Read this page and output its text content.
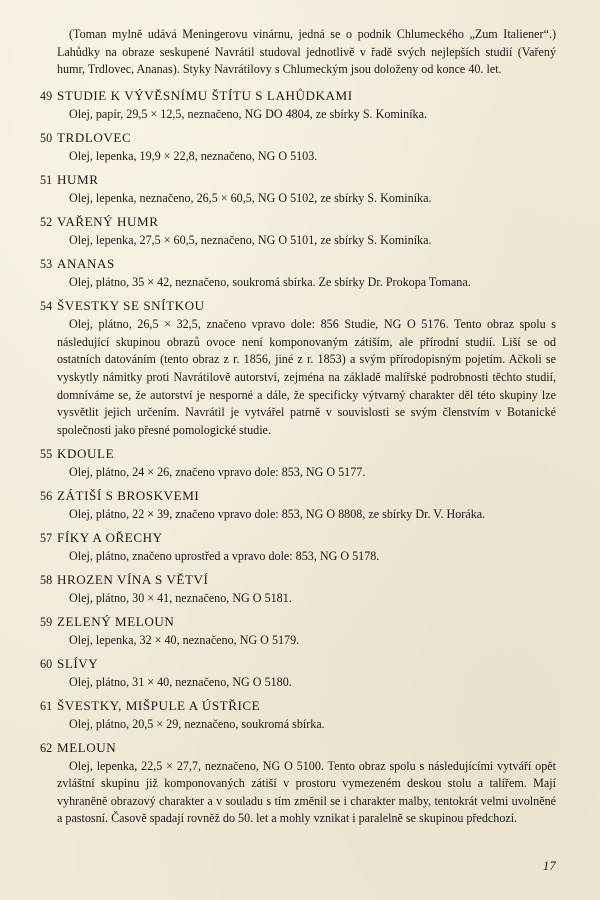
(Toman mylně udává Meningerovu vinárnu, jedná se o podnik Chlumeckého „Zum Italiener“.) Lahůdky na obraze seskupené Navrátil studoval jednotlivě v řadě svých nejlepších studií (Vařený humr, Trdlovec, Ananas). Styky Navrátilovy s Chlumeckým jsou doloženy od konce 40. let.

49 STUDIE K VÝVĚSNÍMU ŠTÍTU S LAHŮDKAMI

Olej, papír, 29,5 × 12,5, neznačeno, NG DO 4804, ze sbírky S. Kominíka.

50 TRDLOVEC

Olej, lepenka, 19,9 × 22,8, neznačeno, NG O 5103.

51 HUMR

Olej, lepenka, neznačeno, 26,5 × 60,5, NG O 5102, ze sbírky S. Kominíka.

52 VAŘENÝ HUMR

Olej, lepenka, 27,5 × 60,5, neznačeno, NG O 5101, ze sbírky S. Kominíka.

53 ANANAS

Olej, plátno, 35 × 42, neznačeno, soukromá sbírka. Ze sbírky Dr. Prokopa Tomana.

54 ŠVESTKY SE SNÍTKOU

Olej, plátno, 26,5 × 32,5, značeno vpravo dole: 856 Studie, NG O 5176. Tento obraz spolu s následující skupinou obrazů ovoce není komponovaným zátiším, ale přírodní studií. Liší se od ostatních datováním (tento obraz z r. 1856, jiné z r. 1853) a svým přírodopisným pojetím. Ačkoli se vyskytly námitky proti Navrátilově autorství, zejména na základě malířské podrobnosti těchto studií, domníváme se, že autorství je nesporné a dále, že specificky výtvarný charakter děl této skupiny lze vysvětlit jejich určením. Navrátil je vytvářel patrně v souvislosti se svým členstvím v Botanické společnosti jako přesné pomologické studie.

55 KDOULE

Olej, plátno, 24 × 26, značeno vpravo dole: 853, NG O 5177.

56 ZÁTIŠÍ S BROSKVEMI

Olej, plátno, 22 × 39, značeno vpravo dole: 853, NG O 8808, ze sbírky Dr. V. Horáka.

57 FÍKY A OŘECHY

Olej, plátno, značeno uprostřed a vpravo dole: 853, NG O 5178.

58 HROZEN VÍNA S VĚTVÍ

Olej, plátno, 30 × 41, neznačeno, NG O 5181.

59 ZELENÝ MELOUN

Olej, lepenka, 32 × 40, neznačeno, NG O 5179.

60 SLÍVY

Olej, plátno, 31 × 40, neznačeno, NG O 5180.

61 ŠVESTKY, MIŠPULE A ÚSTŘICE

Olej, plátno, 20,5 × 29, neznačeno, soukromá sbírka.

62 MELOUN

Olej, lepenka, 22,5 × 27,7, neznačeno, NG O 5100. Tento obraz spolu s následujícími vytváří opět zvláštní skupinu již komponovaných zátiší v prostoru vymezeném deskou stolu a talířem. Mají vyhraněně obrazový charakter a v souladu s tím změnil se i charakter malby, tentokrát velmi uvolněné a pastosní. Časově spadají rovněž do 50. let a mohly vznikat i paralelně se skupinou předchozí.

17
